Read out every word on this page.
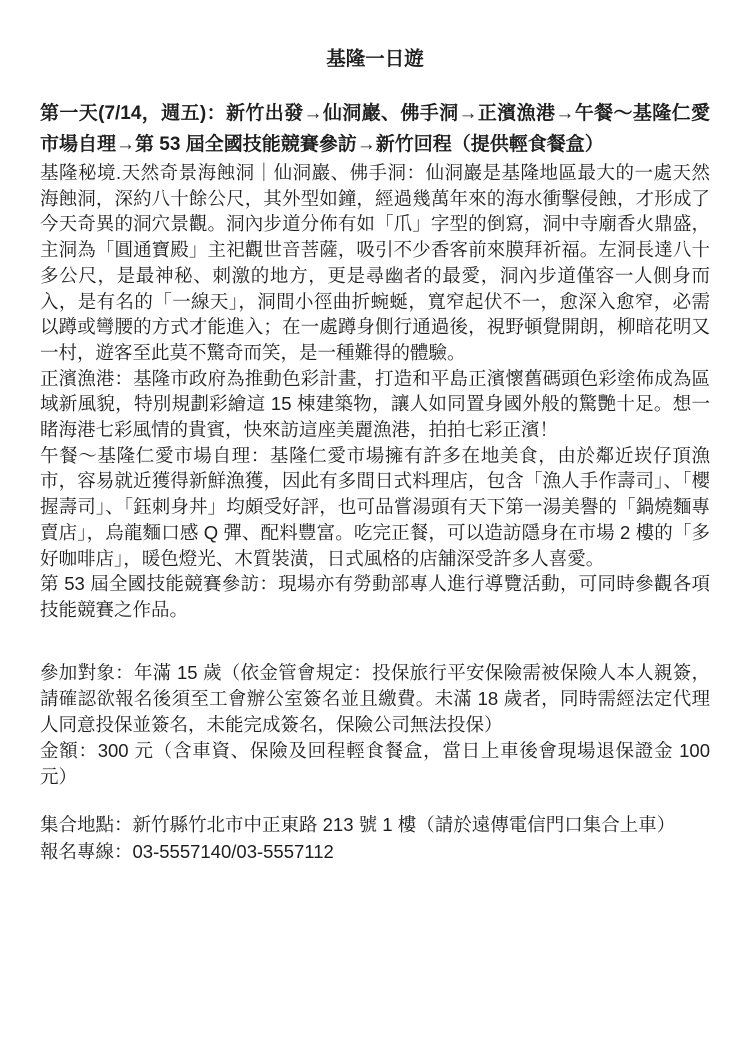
基隆一日遊

第一天(7/14，週五)：新竹出發→仙洞巖、佛手洞→正濱漁港→午餐～基隆仁愛市場自理→第 53 屆全國技能競賽參訪→新竹回程（提供輕食餐盒）

基隆秘境.天然奇景海蝕洞｜仙洞巖、佛手洞：仙洞巖是基隆地區最大的一處天然海蝕洞，深約八十餘公尺，其外型如鐘，經過幾萬年來的海水衝擊侵蝕，才形成了今天奇異的洞穴景觀。洞內步道分佈有如「爪」字型的倒寫，洞中寺廟香火鼎盛，主洞為「圓通寶殿」主祀觀世音菩薩，吸引不少香客前來膜拜祈福。左洞長達八十多公尺，是最神秘、刺激的地方，更是尋幽者的最愛，洞內步道僅容一人側身而入，是有名的「一線天」，洞間小徑曲折蜿蜒，寬窄起伏不一，愈深入愈窄，必需以蹲或彎腰的方式才能進入；在一處蹲身側行通過後，視野頓覺開朗，柳暗花明又一村，遊客至此莫不驚奇而笑，是一種難得的體驗。

正濱漁港：基隆市政府為推動色彩計畫，打造和平島正濱懷舊碼頭色彩塗佈成為區域新風貌，特別規劃彩繪這 15 棟建築物，讓人如同置身國外般的驚艷十足。想一睹海港七彩風情的貴賓，快來訪這座美麗漁港，拍拍七彩正濱！

午餐～基隆仁愛市場自理：基隆仁愛市場擁有許多在地美食，由於鄰近崁仔頂漁市，容易就近獲得新鮮漁獲，因此有多間日式料理店，包含「漁人手作壽司」、「櫻握壽司」、「鈺刺身丼」均頗受好評，也可品嘗湯頭有天下第一湯美譽的「鍋燒麵專賣店」，烏龍麵口感 Q 彈、配料豐富。吃完正餐，可以造訪隱身在市場 2 樓的「多好咖啡店」，暖色燈光、木質裝潢，日式風格的店舖深受許多人喜愛。

第 53 屆全國技能競賽參訪：現場亦有勞動部專人進行導覽活動，可同時參觀各項技能競賽之作品。

參加對象：年滿 15 歲（依金管會規定：投保旅行平安保險需被保險人本人親簽，請確認欲報名後須至工會辦公室簽名並且繳費。未滿 18 歲者，同時需經法定代理人同意投保並簽名，未能完成簽名，保險公司無法投保）

金額：300 元（含車資、保險及回程輕食餐盒，當日上車後會現場退保證金 100 元）

集合地點：新竹縣竹北市中正東路 213 號 1 樓（請於遠傳電信門口集合上車）

報名專線：03-5557140/03-5557112
